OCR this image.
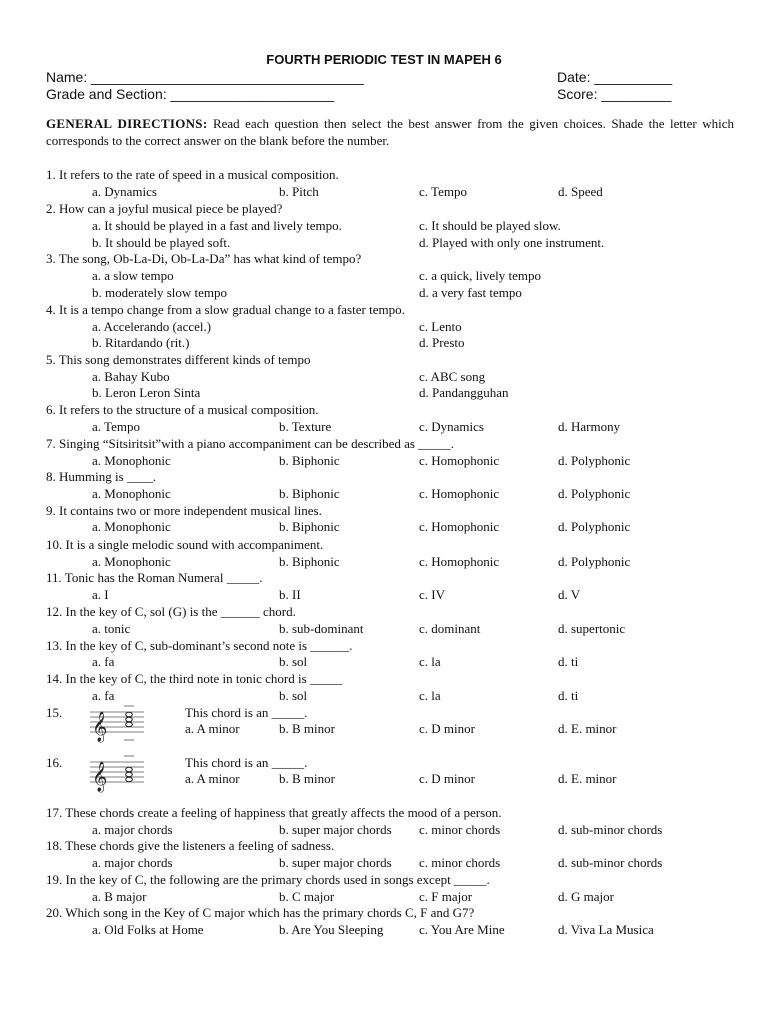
FOURTH PERIODIC TEST IN MAPEH 6
Name: ___________________________________	Date: __________
Grade and Section: _____________________	Score: _________
GENERAL DIRECTIONS: Read each question then select the best answer from the given choices. Shade the letter which corresponds to the correct answer on the blank before the number.
1. It refers to the rate of speed in a musical composition.
a. Dynamics	b. Pitch	c. Tempo	d. Speed
2. How can a joyful musical piece be played?
a. It should be played in a fast and lively tempo.	c. It should be played slow.
b. It should be played soft.	d. Played with only one instrument.
3. The song, Ob-La-Di, Ob-La-Da” has what kind of tempo?
a. a slow tempo	c. a quick, lively tempo
b. moderately slow tempo	d. a very fast tempo
4. It is a tempo change from a slow gradual change to a faster tempo.
a. Accelerando (accel.)	c. Lento
b. Ritardando (rit.)	d. Presto
5. This song demonstrates different kinds of tempo
a. Bahay Kubo	c. ABC song
b. Leron Leron Sinta	d. Pandangguhan
6. It refers to the structure of a musical composition.
a. Tempo	b. Texture	c. Dynamics	d. Harmony
7. Singing “Sitsiritsit”with a piano accompaniment can be described as _____.
a. Monophonic	b. Biphonic	c. Homophonic	d. Polyphonic
8. Humming is ____.
a. Monophonic	b. Biphonic	c. Homophonic	d. Polyphonic
9. It contains two or more independent musical lines.
a. Monophonic	b. Biphonic	c. Homophonic	d. Polyphonic
10. It is a single melodic sound with accompaniment.
a. Monophonic	b. Biphonic	c. Homophonic	d. Polyphonic
11. Tonic has the Roman Numeral _____.
a. I	b. II	c. IV	d. V
12. In the key of C, sol (G) is the ______ chord.
a. tonic	b. sub-dominant	c. dominant	d. supertonic
13. In the key of C, sub-dominant’s second note is ______.
a. fa	b. sol	c. la	d. ti
14. In the key of C, the third note in tonic chord is _____
a. fa	b. sol	c. la	d. ti
15. 𝄞	This chord is an _____.
a. A minor	b. B minor	c. D minor	d. E. minor
16. 𝄞	This chord is an _____.
a. A minor	b. B minor	c. D minor	d. E. minor
17. These chords create a feeling of happiness that greatly affects the mood of a person.
a. major chords	b. super major chords c. minor chords	d. sub-minor chords
18. These chords give the listeners a feeling of sadness.
a. major chords	b. super major chords c. minor chords	d. sub-minor chords
19. In the key of C, the following are the primary chords used in songs except _____.
a. B major	b. C major	c. F major	d. G major
20. Which song in the Key of C major which has the primary chords C, F and G7?
a. Old Folks at Home	b. Are You Sleeping	c. You Are Mine	d. Viva La Musica
